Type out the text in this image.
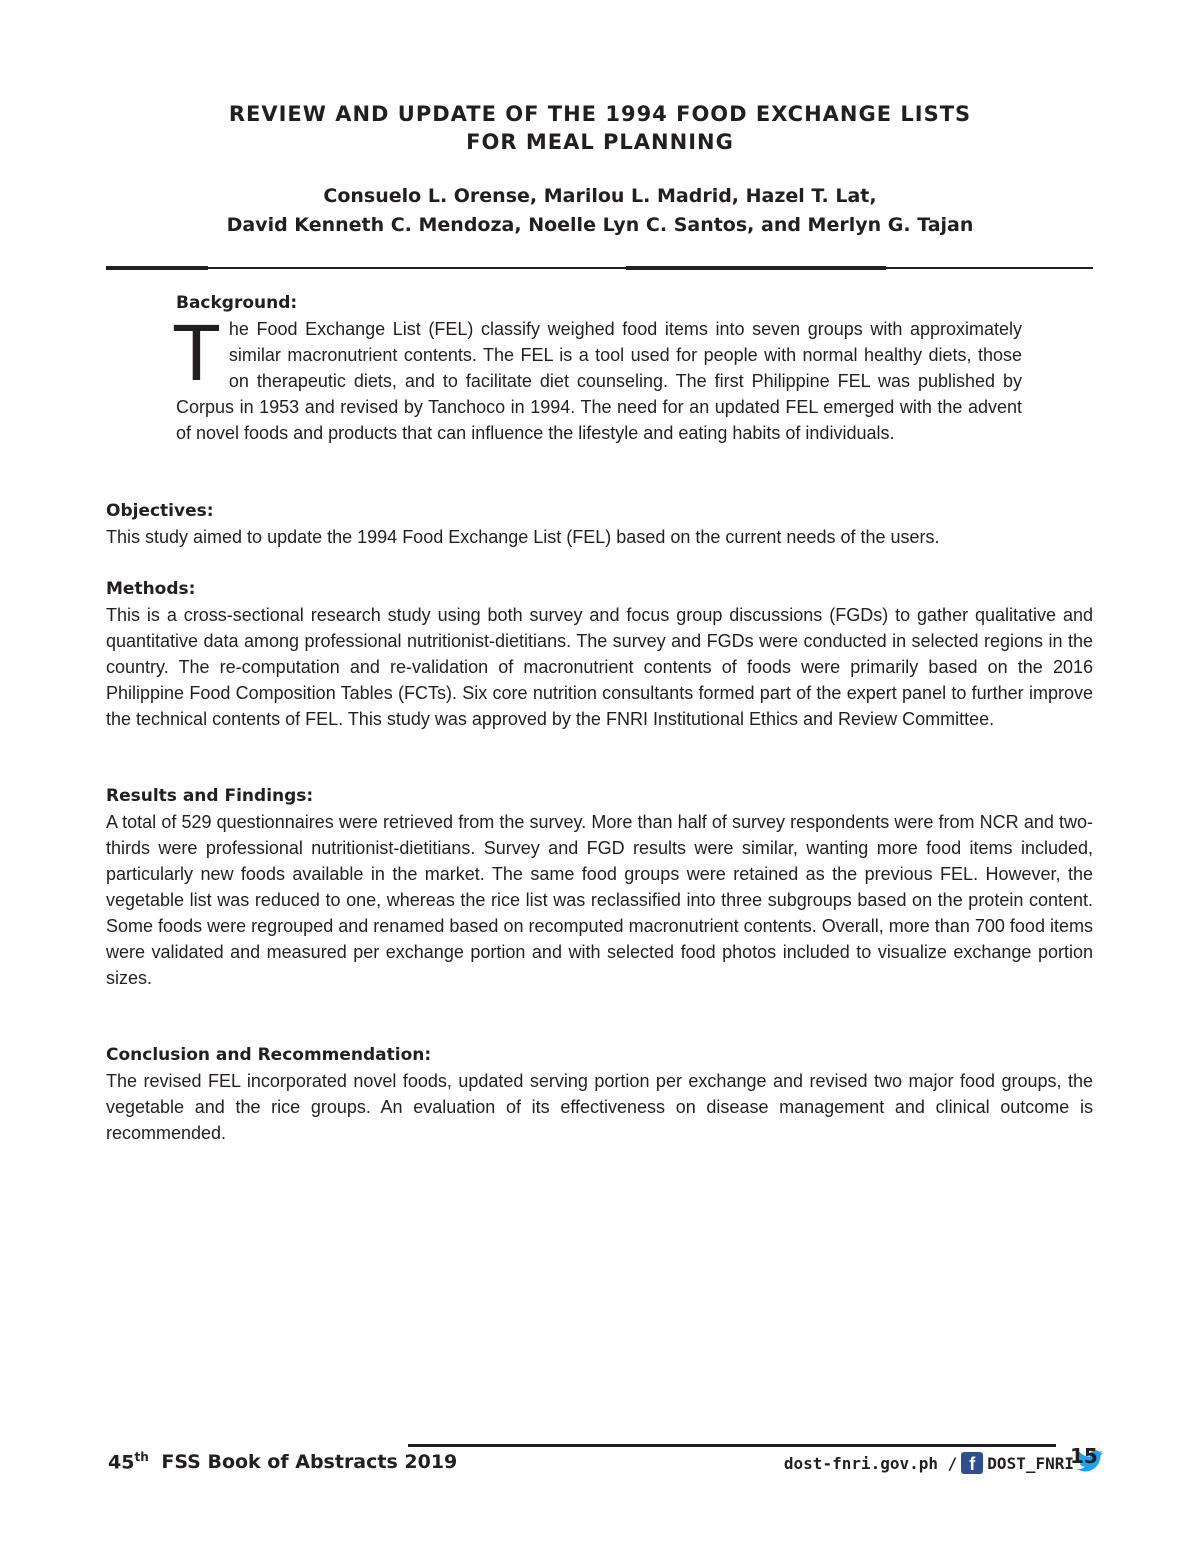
REVIEW AND UPDATE OF THE 1994 FOOD EXCHANGE LISTS
FOR MEAL PLANNING
Consuelo L. Orense, Marilou L. Madrid, Hazel T. Lat,
David Kenneth C. Mendoza, Noelle Lyn C. Santos, and Merlyn G. Tajan
Background:
The Food Exchange List (FEL) classify weighed food items into seven groups with approximately similar macronutrient contents. The FEL is a tool used for people with normal healthy diets, those on therapeutic diets, and to facilitate diet counseling. The first Philippine FEL was published by Corpus in 1953 and revised by Tanchoco in 1994. The need for an updated FEL emerged with the advent of novel foods and products that can influence the lifestyle and eating habits of individuals.
Objectives:
This study aimed to update the 1994 Food Exchange List (FEL) based on the current needs of the users.
Methods:
This is a cross-sectional research study using both survey and focus group discussions (FGDs) to gather qualitative and quantitative data among professional nutritionist-dietitians. The survey and FGDs were conducted in selected regions in the country. The re-computation and re-validation of macronutrient contents of foods were primarily based on the 2016 Philippine Food Composition Tables (FCTs). Six core nutrition consultants formed part of the expert panel to further improve the technical contents of FEL. This study was approved by the FNRI Institutional Ethics and Review Committee.
Results and Findings:
A total of 529 questionnaires were retrieved from the survey. More than half of survey respondents were from NCR and two-thirds were professional nutritionist-dietitians. Survey and FGD results were similar, wanting more food items included, particularly new foods available in the market. The same food groups were retained as the previous FEL. However, the vegetable list was reduced to one, whereas the rice list was reclassified into three subgroups based on the protein content. Some foods were regrouped and renamed based on recomputed macronutrient contents. Overall, more than 700 food items were validated and measured per exchange portion and with selected food photos included to visualize exchange portion sizes.
Conclusion and Recommendation:
The revised FEL incorporated novel foods, updated serving portion per exchange and revised two major food groups, the vegetable and the rice groups. An evaluation of its effectiveness on disease management and clinical outcome is recommended.
45th FSS Book of Abstracts 2019	dost-fnri.gov.ph / f DOST_FNRI
15
